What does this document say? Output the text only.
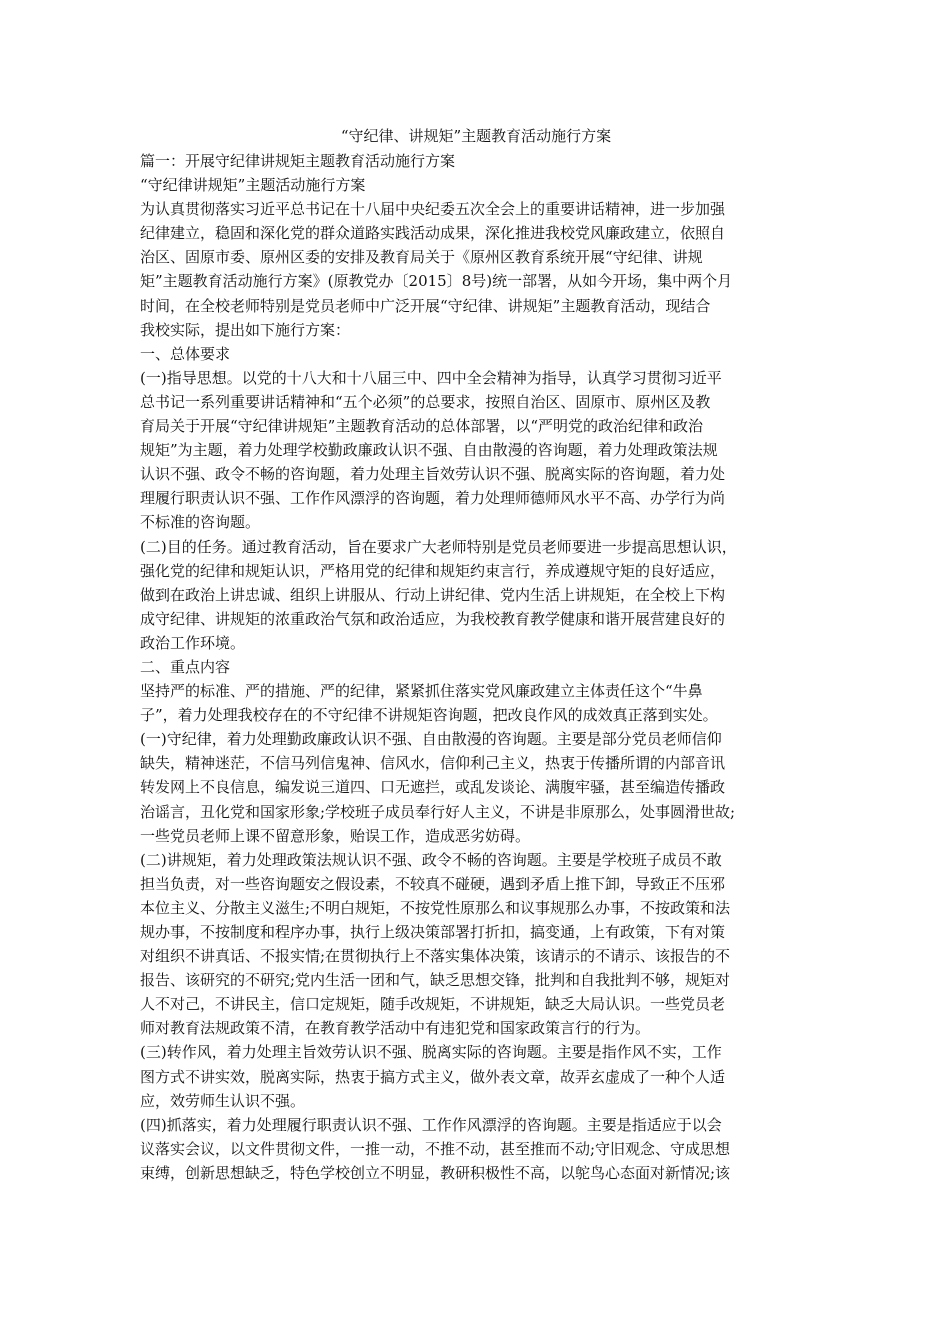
“守纪律、讲规矩”主题教育活动施行方案
篇一：开展守纪律讲规矩主题教育活动施行方案
“守纪律讲规矩”主题活动施行方案
为认真贯彻落实习近平总书记在十八届中央纪委五次全会上的重要讲话精神，进一步加强
纪律建立，稳固和深化党的群众道路实践活动成果，深化推进我校党风廉政建立，依照自
治区、固原市委、原州区委的安排及教育局关于《原州区教育系统开展“守纪律、讲规
矩”主题教育活动施行方案》(原教党办〔2015〕8号)统一部署，从如今开场，集中两个月
时间，在全校老师特别是党员老师中广泛开展“守纪律、讲规矩”主题教育活动，现结合
我校实际，提出如下施行方案：
一、总体要求
(一)指导思想。以党的十八大和十八届三中、四中全会精神为指导，认真学习贯彻习近平
总书记一系列重要讲话精神和“五个必须”的总要求，按照自治区、固原市、原州区及教
育局关于开展“守纪律讲规矩”主题教育活动的总体部署，以“严明党的政治纪律和政治
规矩”为主题，着力处理学校勤政廉政认识不强、自由散漫的咨询题，着力处理政策法规
认识不强、政令不畅的咨询题，着力处理主旨效劳认识不强、脱离实际的咨询题，着力处
理履行职责认识不强、工作作风漂浮的咨询题，着力处理师德师风水平不高、办学行为尚
不标准的咨询题。
(二)目的任务。通过教育活动，旨在要求广大老师特别是党员老师要进一步提高思想认识，
强化党的纪律和规矩认识，严格用党的纪律和规矩约束言行，养成遵规守矩的良好适应，
做到在政治上讲忠诚、组织上讲服从、行动上讲纪律、党内生活上讲规矩，在全校上下构
成守纪律、讲规矩的浓重政治气氛和政治适应，为我校教育教学健康和谐开展营建良好的
政治工作环境。
二、重点内容
坚持严的标准、严的措施、严的纪律，紧紧抓住落实党风廉政建立主体责任这个“牛鼻
子”，着力处理我校存在的不守纪律不讲规矩咨询题，把改良作风的成效真正落到实处。
(一)守纪律，着力处理勤政廉政认识不强、自由散漫的咨询题。主要是部分党员老师信仰
缺失，精神迷茫，不信马列信鬼神、信风水，信仰利己主义，热衷于传播所谓的内部音讯
转发网上不良信息，编发说三道四、口无遮拦，或乱发谈论、满腹牢骚，甚至编造传播政
治谣言，丑化党和国家形象;学校班子成员奉行好人主义，不讲是非原那么，处事圆滑世故;
一些党员老师上课不留意形象，贻误工作，造成恶劣妨碍。
(二)讲规矩，着力处理政策法规认识不强、政令不畅的咨询题。主要是学校班子成员不敢
担当负责，对一些咨询题安之假设素，不较真不碰硬，遇到矛盾上推下卸，导致正不压邪
本位主义、分散主义滋生;不明白规矩，不按党性原那么和议事规那么办事，不按政策和法
规办事，不按制度和程序办事，执行上级决策部署打折扣，搞变通，上有政策，下有对策
对组织不讲真话、不报实情;在贯彻执行上不落实集体决策，该请示的不请示、该报告的不
报告、该研究的不研究;党内生活一团和气，缺乏思想交锋，批判和自我批判不够，规矩对
人不对己，不讲民主，信口定规矩，随手改规矩，不讲规矩，缺乏大局认识。一些党员老
师对教育法规政策不清，在教育教学活动中有违犯党和国家政策言行的行为。
(三)转作风，着力处理主旨效劳认识不强、脱离实际的咨询题。主要是指作风不实，工作
图方式不讲实效，脱离实际，热衷于搞方式主义，做外表文章，故弄玄虚成了一种个人适
应，效劳师生认识不强。
(四)抓落实，着力处理履行职责认识不强、工作作风漂浮的咨询题。主要是指适应于以会
议落实会议，以文件贯彻文件，一推一动，不推不动，甚至推而不动;守旧观念、守成思想
束缚，创新思想缺乏，特色学校创立不明显，教研积极性不高，以鸵鸟心态面对新情况;该
